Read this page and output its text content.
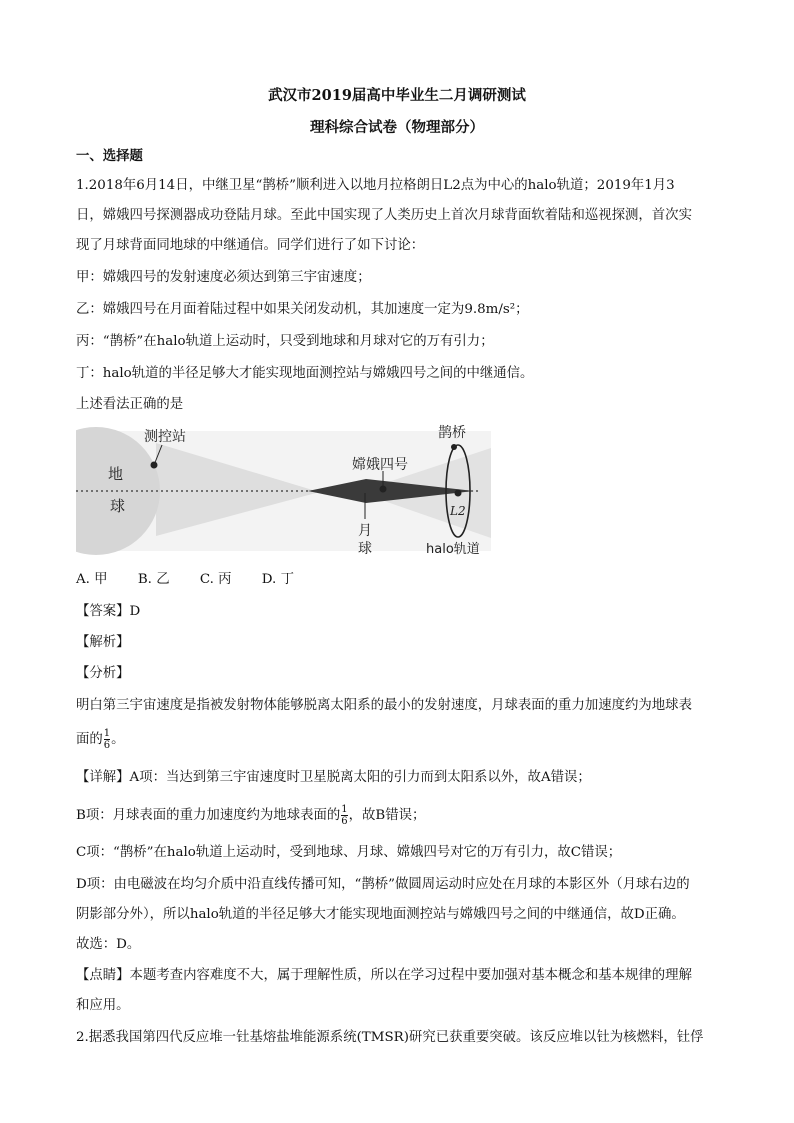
武汉市2019届高中毕业生二月调研测试
理科综合试卷（物理部分）
一、选择题
1.2018年6月14日，中继卫星“鹊桥”顺利进入以地月拉格朗日L2点为中心的halo轨道；2019年1月3
日，嫦娥四号探测器成功登陆月球。至此中国实现了人类历史上首次月球背面软着陆和巡视探测，首次实
现了月球背面同地球的中继通信。同学们进行了如下讨论：
甲：嫦娥四号的发射速度必须达到第三宇宙速度；
乙：嫦娥四号在月面着陆过程中如果关闭发动机，其加速度一定为9.8m/s²；
丙：“鹊桥”在halo轨道上运动时，只受到地球和月球对它的万有引力；
丁：halo轨道的半径足够大才能实现地面测控站与嫦娥四号之间的中继通信。
上述看法正确的是
地
球
测控站
嫦娥四号
月
球
鹊桥
L2
halo轨道
A. 甲 B. 乙 C. 丙 D. 丁
【答案】D
【解析】
【分析】
明白第三宇宙速度是指被发射物体能够脱离太阳系的最小的发射速度，月球表面的重力加速度约为地球表
面的 $\frac{1}{6}$ 。
【详解】A项：当达到第三宇宙速度时卫星脱离太阳的引力而到太阳系以外，故A错误；
B项：月球表面的重力加速度约为地球表面的 $\frac{1}{6}$ ，故B错误；
C项：“鹊桥”在halo轨道上运动时，受到地球、月球、嫦娥四号对它的万有引力，故C错误；
D项：由电磁波在均匀介质中沿直线传播可知，“鹊桥”做圆周运动时应处在月球的本影区外（月球右边的
阴影部分外），所以halo轨道的半径足够大才能实现地面测控站与嫦娥四号之间的中继通信，故D正确。
故选：D。
【点睛】本题考查内容难度不大，属于理解性质，所以在学习过程中要加强对基本概念和基本规律的理解
和应用。
2.据悉我国第四代反应堆一钍基熔盐堆能源系统(TMSR)研究已获重要突破。该反应堆以钍为核燃料，钍俘
